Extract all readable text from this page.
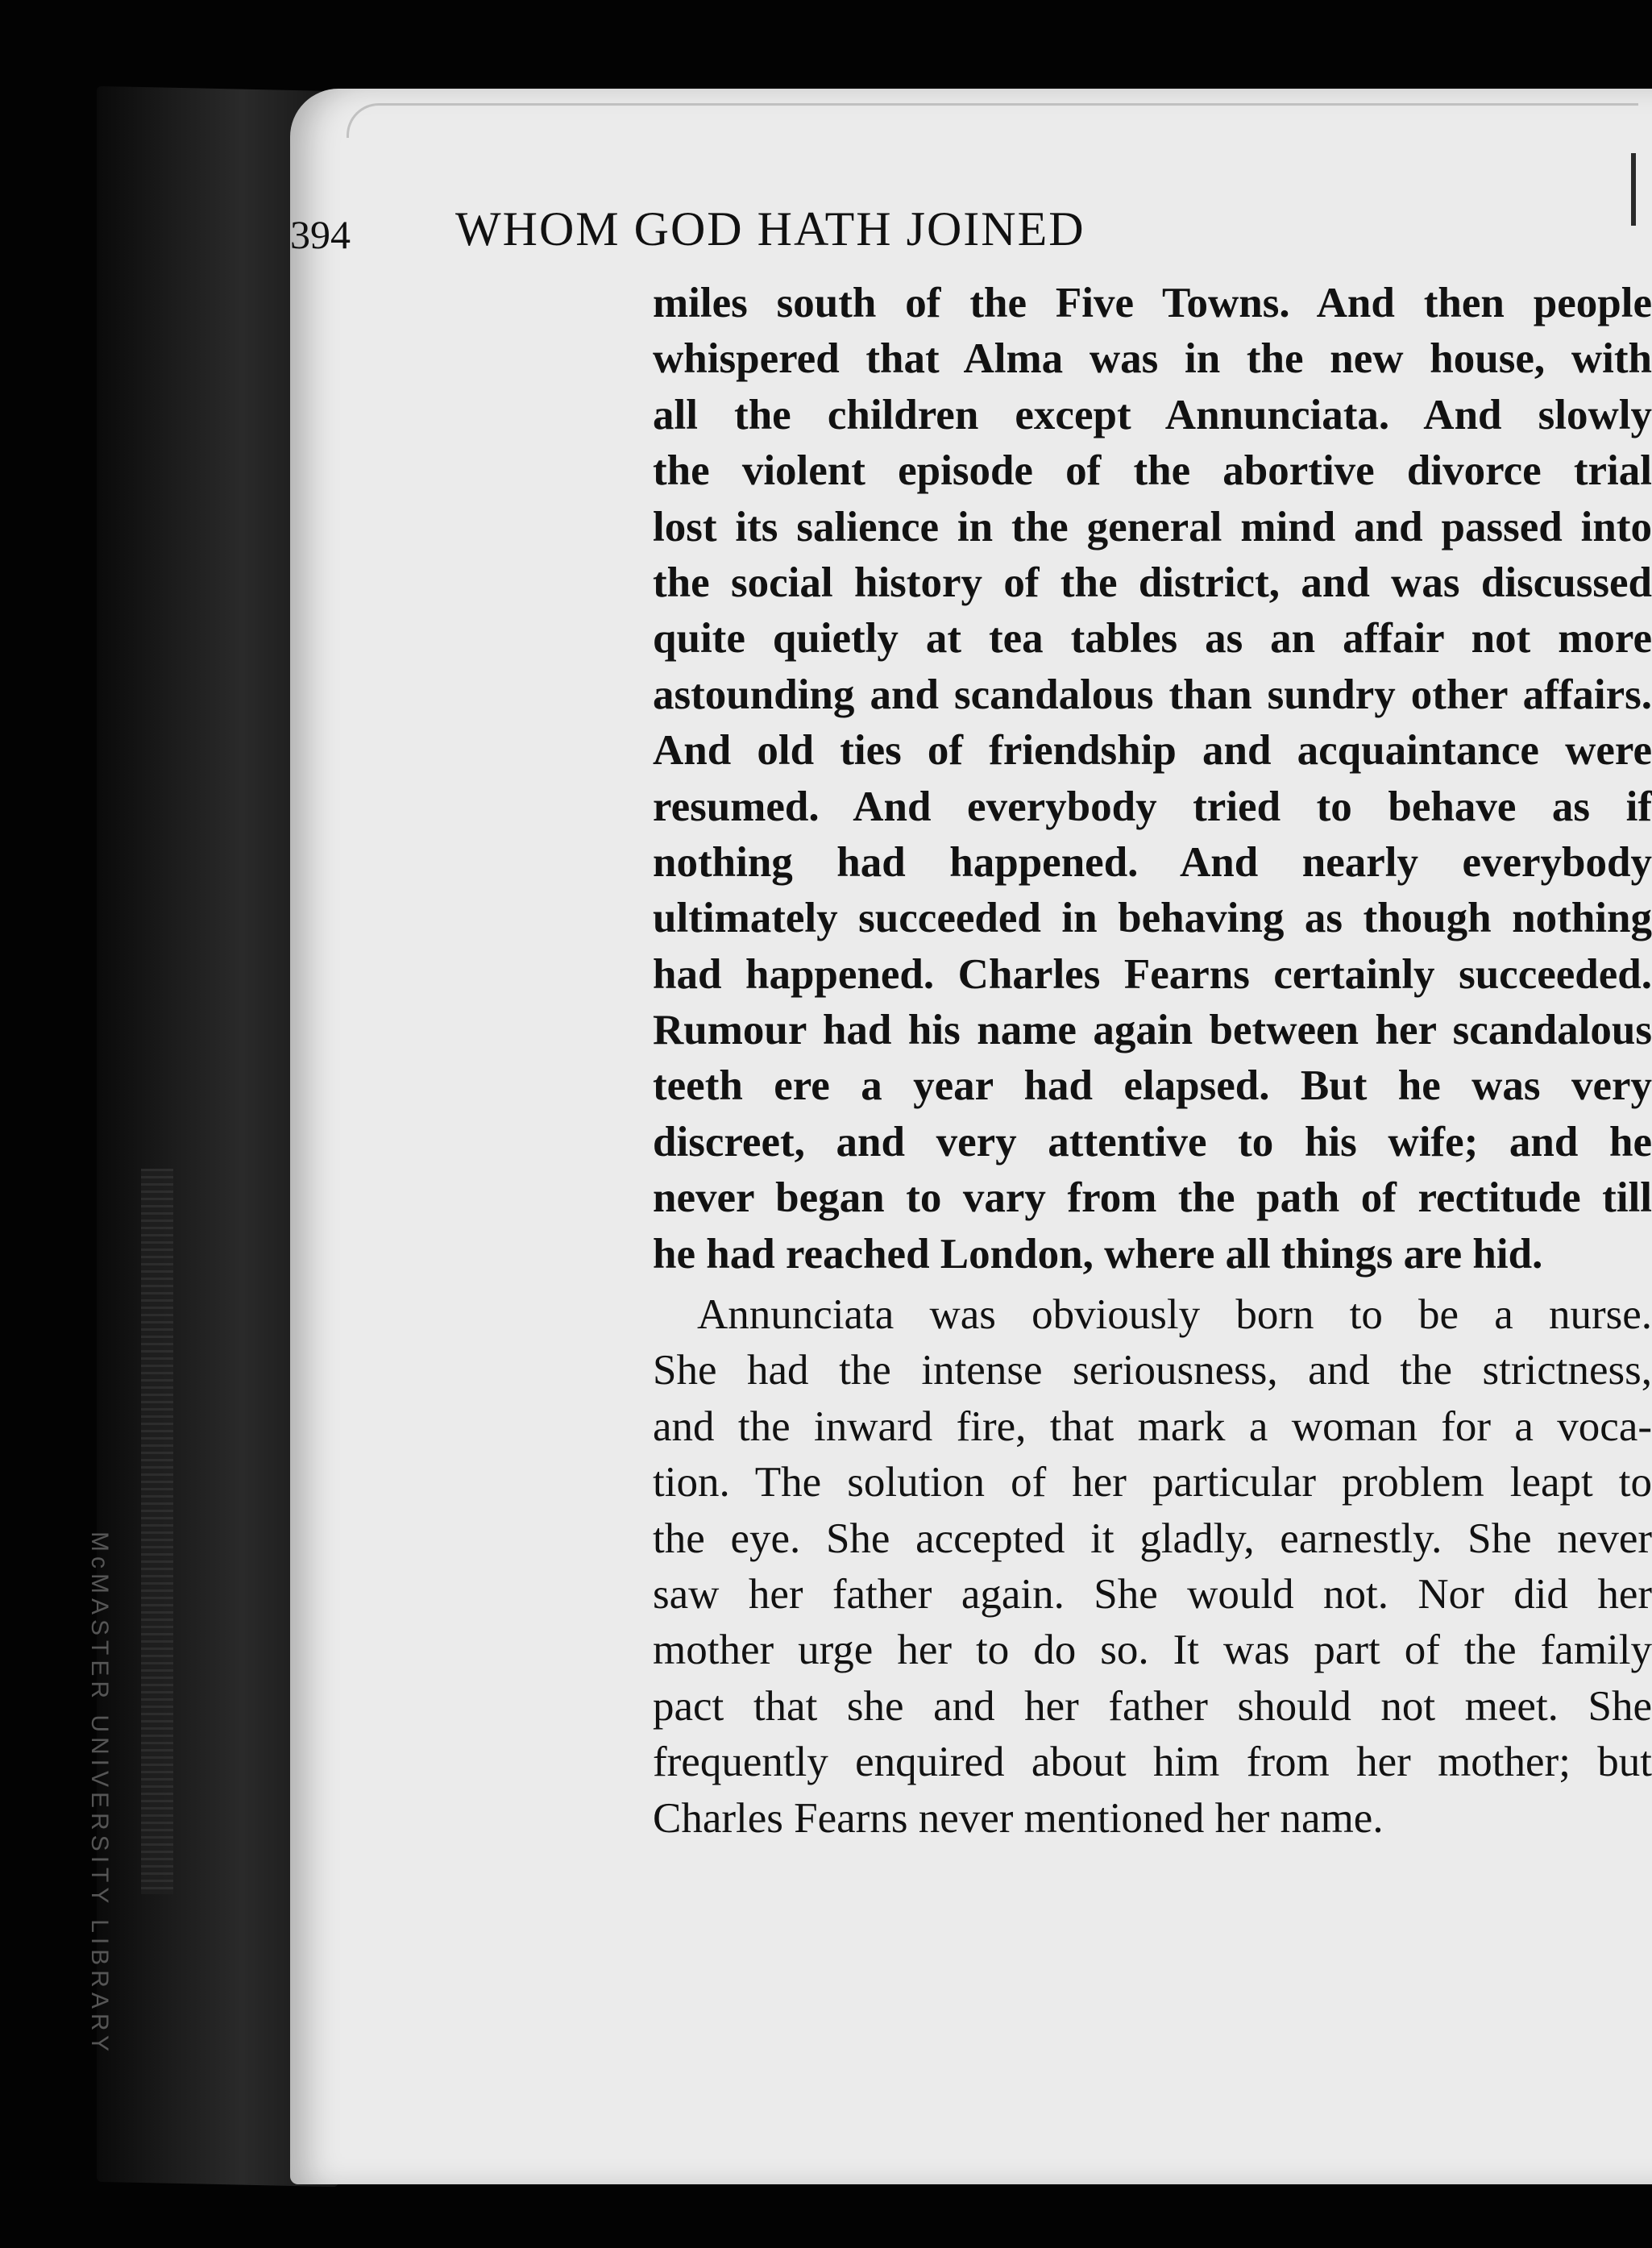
McMASTER UNIVERSITY LIBRARY
394 WHOM GOD HATH JOINED
miles south of the Five Towns. And then people
whispered that Alma was in the new house, with
all the children except Annunciata. And slowly
the violent episode of the abortive divorce trial
lost its salience in the general mind and passed into
the social history of the district, and was discussed
quite quietly at tea tables as an affair not more
astounding and scandalous than sundry other affairs.
And old ties of friendship and acquaintance were
resumed. And everybody tried to behave as if
nothing had happened. And nearly everybody
ultimately succeeded in behaving as though nothing
had happened. Charles Fearns certainly succeeded.
Rumour had his name again between her scandalous
teeth ere a year had elapsed. But he was very
discreet, and very attentive to his wife; and he
never began to vary from the path of rectitude till
he had reached London, where all things are hid.
Annunciata was obviously born to be a nurse.
She had the intense seriousness, and the strictness,
and the inward fire, that mark a woman for a voca-
tion. The solution of her particular problem leapt to
the eye. She accepted it gladly, earnestly. She never
saw her father again. She would not. Nor did her
mother urge her to do so. It was part of the family
pact that she and her father should not meet. She
frequently enquired about him from her mother; but
Charles Fearns never mentioned her name.
